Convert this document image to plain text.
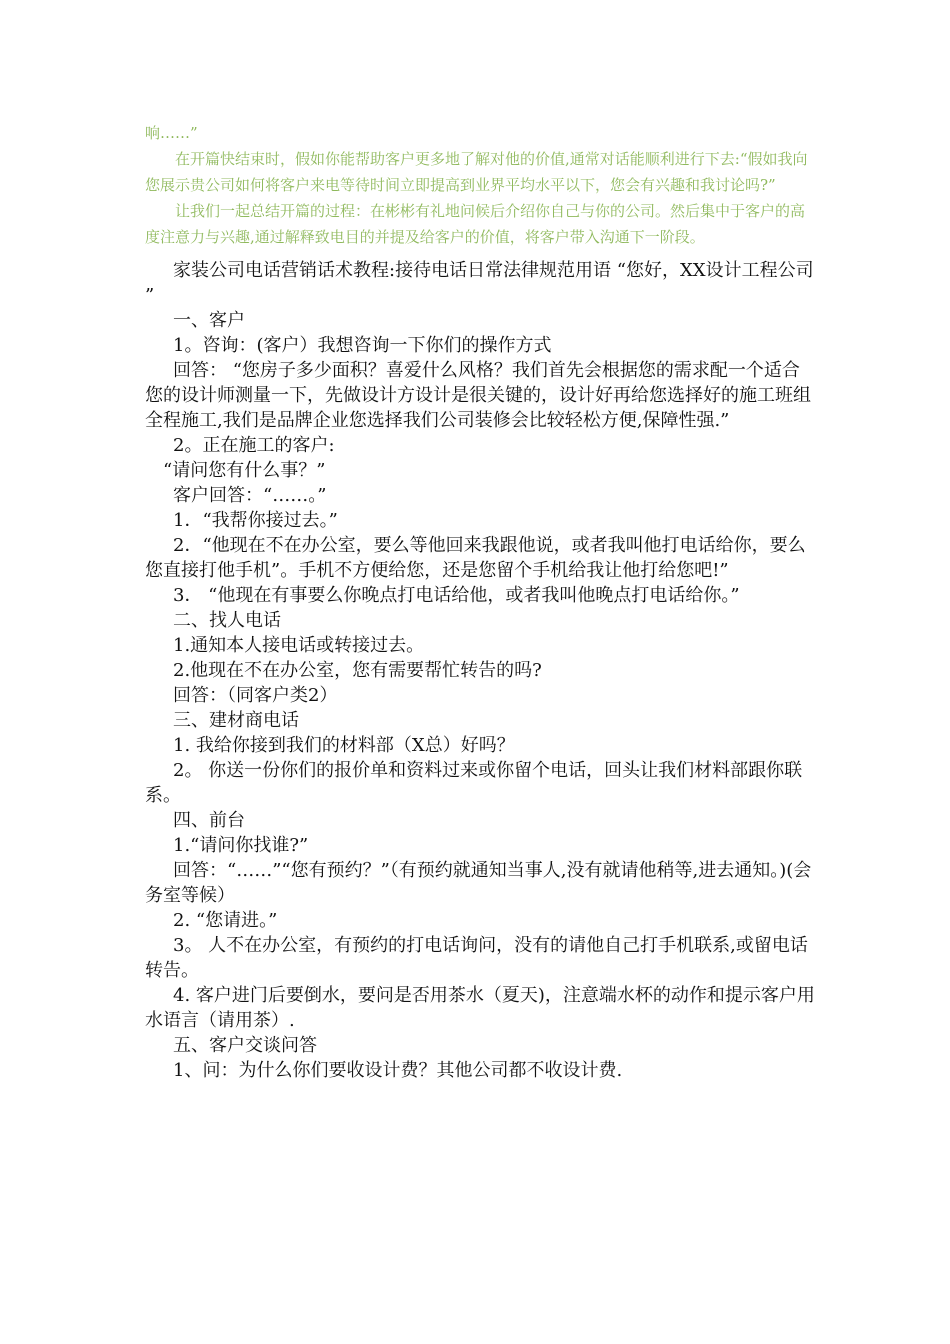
响……”

在开篇快结束时，假如你能帮助客户更多地了解对他的价值,通常对话能顺利进行下去:“假如我向您展示贵公司如何将客户来电等待时间立即提高到业界平均水平以下，您会有兴趣和我讨论吗?”

让我们一起总结开篇的过程：在彬彬有礼地问候后介绍你自己与你的公司。然后集中于客户的高度注意力与兴趣,通过解释致电目的并提及给客户的价值，将客户带入沟通下一阶段。

家装公司电话营销话术教程:接待电话日常法律规范用语 “您好，XX设计工程公司 ”

一、客户

1。咨询：(客户）我想咨询一下你们的操作方式

回答： “您房子多少面积？喜爱什么风格？我们首先会根据您的需求配一个适合您的设计师测量一下，先做设计方设计是很关键的，设计好再给您选择好的施工班组全程施工,我们是品牌企业您选择我们公司装修会比较轻松方便,保障性强.”

2。正在施工的客户:

“请问您有什么事？”

客户回答：“……。”

1．“我帮你接过去。”

2．“他现在不在办公室，要么等他回来我跟他说，或者我叫他打电话给你，要么您直接打他手机”。手机不方便给您，还是您留个手机给我让他打给您吧!”

3． “他现在有事要么你晚点打电话给他，或者我叫他晚点打电话给你。”

二、找人电话

1.通知本人接电话或转接过去。

2.他现在不在办公室，您有需要帮忙转告的吗?

回答：（同客户类2）

三、建材商电话

1. 我给你接到我们的材料部（X总）好吗？

2。 你送一份你们的报价单和资料过来或你留个电话，回头让我们材料部跟你联系。

四、前台

1.“请问你找谁?”

回答：“……”“您有预约？”（有预约就通知当事人,没有就请他稍等,进去通知。)(会务室等候）

2. “您请进。”

3。 人不在办公室，有预约的打电话询问，没有的请他自己打手机联系,或留电话转告。

4. 客户进门后要倒水，要问是否用茶水（夏天)，注意端水杯的动作和提示客户用水语言（请用茶）.

五、客户交谈问答

1、问：为什么你们要收设计费？其他公司都不收设计费.
